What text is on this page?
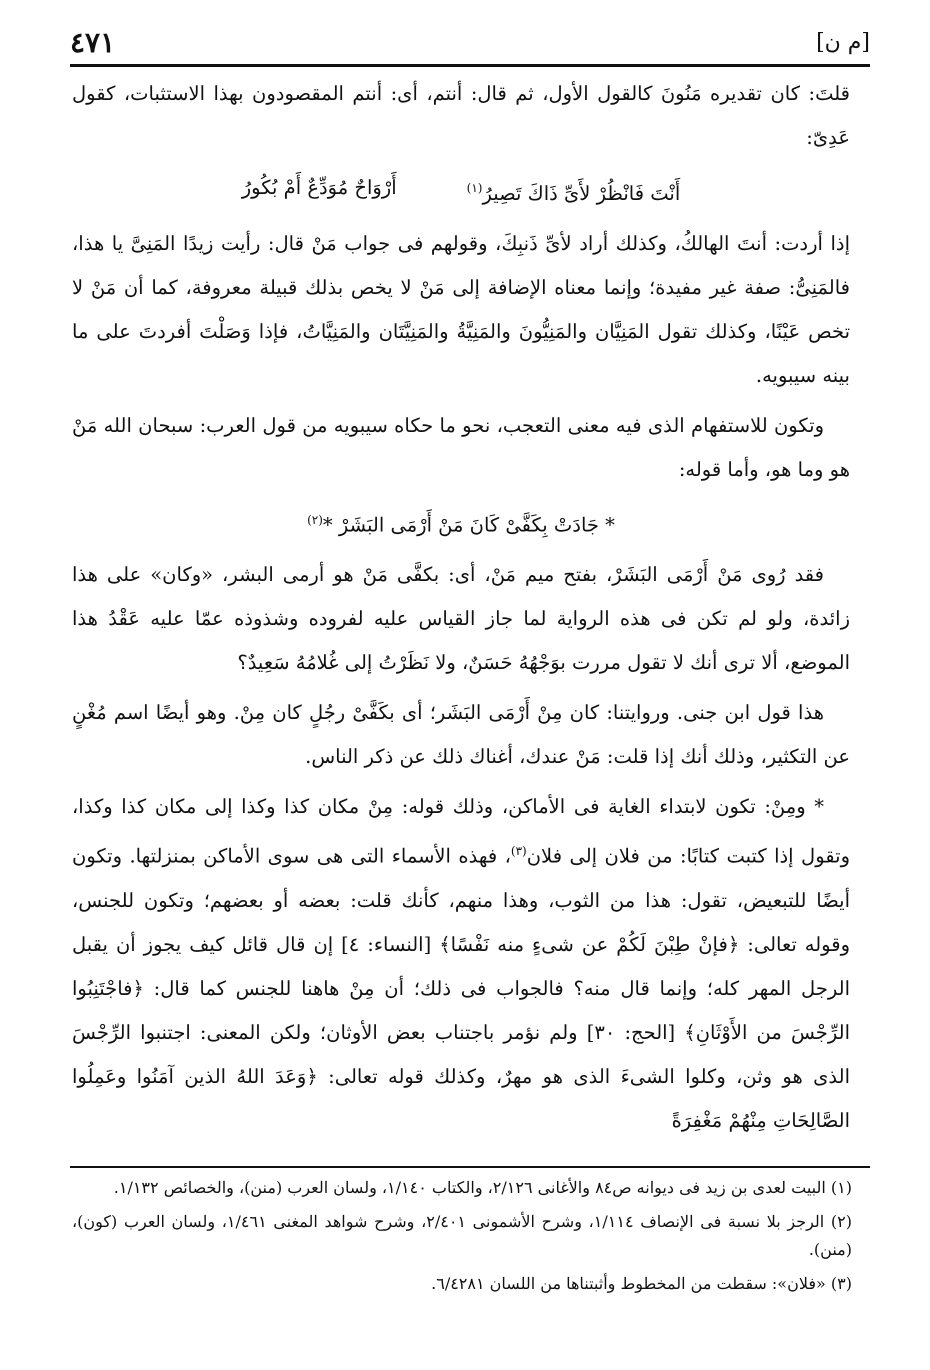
[م ن]
٤٧١

قلتَ: كان تقديره مَنُونَ كالقول الأول، ثم قال: أنتم، أى: أنتم المقصودون بهذا الاستثبات، كقول عَدِىّ:

أَنْتَ فَانْظُرْ لأَىِّ ذَاكَ تَصِيرُ$^{(١)}$
أَرْوَاحٌ مُوَدِّعٌ أَمْ بُكُورُ

إذا أردت: أنتَ الهالكُ، وكذلك أراد لأىِّ ذَنبِكَ، وقولهم فى جواب مَنْ قال: رأيت زيدًا المَنِىَّ يا هذا، فالمَنِىُّ: صفة غير مفيدة؛ وإنما معناه الإضافة إلى مَنْ لا يخص بذلك قبيلة معروفة، كما أن مَنْ لا تخص عَيْنًا، وكذلك تقول المَنِيَّان والمَنِيُّونَ والمَنِيَّةُ والمَنِيَّتَان والمَنِيَّاتُ، فإذا وَصَلْتَ أفردتَ على ما بينه سيبويه.

وتكون للاستفهام الذى فيه معنى التعجب، نحو ما حكاه سيبويه من قول العرب: سبحان الله مَنْ هو وما هو، وأما قوله:

* جَادَتْ بِكَفَّىْ كَانَ مَنْ أَرْمَى البَشَرْ *$^{(٢)}$

فقد رُوى مَنْ أَرْمَى البَشَرْ، بفتح ميم مَنْ، أى: بكفَّى مَنْ هو أرمى البشر، «وكان» على هذا زائدة، ولو لم تكن فى هذه الرواية لما جاز القياس عليه لفروده وشذوذه عمّا عليه عَقْدُ هذا الموضع، ألا ترى أنك لا تقول مررت بوَجْهُهُ حَسَنٌ، ولا نَظَرْتُ إلى غُلامُهُ سَعِيدٌ؟

هذا قول ابن جنى. وروايتنا: كان مِنْ أَرْمَى البَشَر؛ أى بكَفَّىْ رجُلٍ كان مِنْ. وهو أيضًا اسم مُغْنٍ عن التكثير، وذلك أنك إذا قلت: مَنْ عندك، أغناك ذلك عن ذكر الناس.

* ومِنْ: تكون لابتداء الغاية فى الأماكن، وذلك قوله: مِنْ مكان كذا وكذا إلى مكان كذا وكذا، وتقول إذا كتبت كتابًا: من فلان إلى فلان$^{(٣)}$، فهذه الأسماء التى هى سوى الأماكن بمنزلتها. وتكون أيضًا للتبعيض، تقول: هذا من الثوب، وهذا منهم، كأنك قلت: بعضه أو بعضهم؛ وتكون للجنس، وقوله تعالى: ﴿فإنْ طِبْنَ لَكُمْ عن شىءٍ منه نَفْسًا﴾ [النساء: ٤] إن قال قائل كيف يجوز أن يقبل الرجل المهر كله؛ وإنما قال منه؟ فالجواب فى ذلك؛ أن مِنْ هاهنا للجنس كما قال: ﴿فاجْتَنِبُوا الرِّجْسَ من الأَوْثَانِ﴾ [الحج: ٣٠] ولم نؤمر باجتناب بعض الأوثان؛ ولكن المعنى: اجتنبوا الرِّجْسَ الذى هو وثن، وكلوا الشىءَ الذى هو مهرٌ، وكذلك قوله تعالى: ﴿وَعَدَ اللهُ الذين آمَنُوا وعَمِلُوا الصَّالِحَاتِ مِنْهُمْ مَغْفِرَةً

(١) البيت لعدى بن زيد فى ديوانه ص٨٤ والأغانى ٢/١٢٦، والكتاب ١/١٤٠، ولسان العرب (منن)، والخصائص ١/١٣٢.

(٢) الرجز بلا نسبة فى الإنصاف ١/١١٤، وشرح الأشمونى ٢/٤٠١، وشرح شواهد المغنى ١/٤٦١، ولسان العرب (كون)، (منن).

(٣) «فلان»: سقطت من المخطوط وأثبتناها من اللسان ٦/٤٢٨١.
